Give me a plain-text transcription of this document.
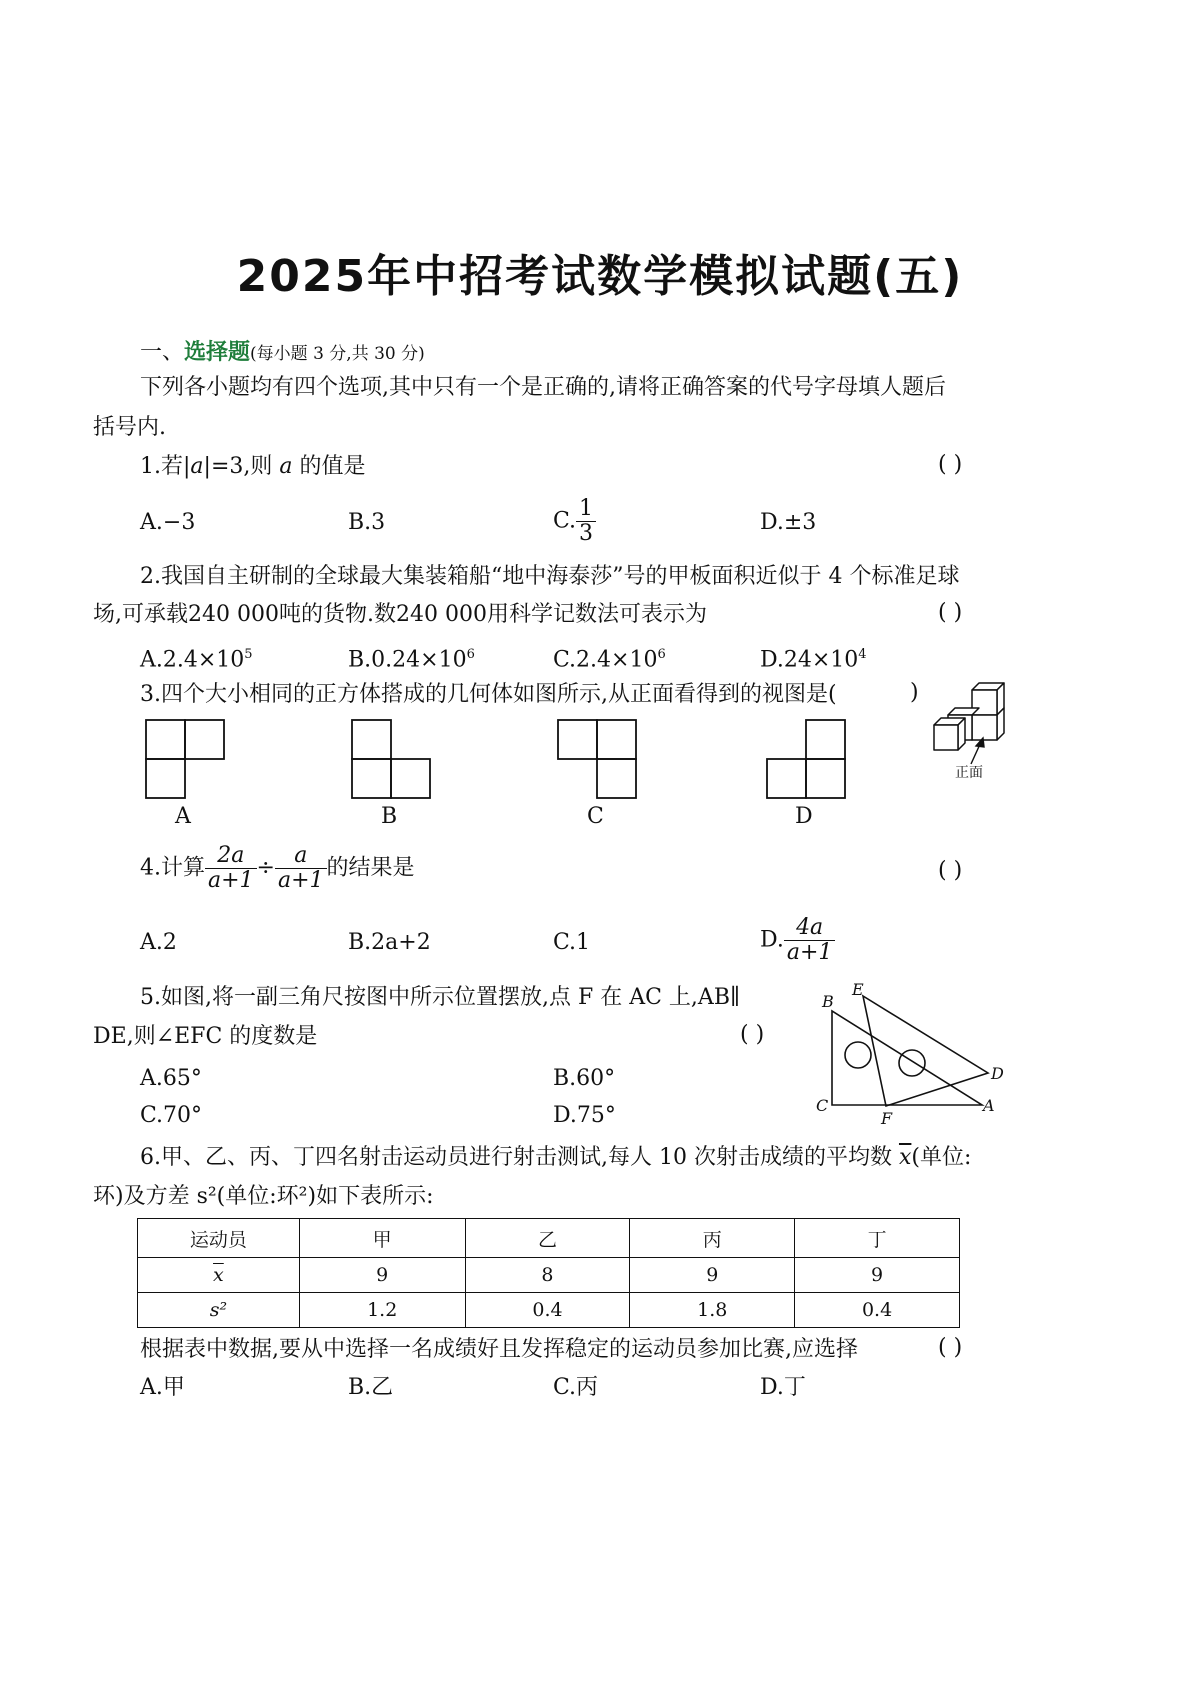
2025年中招考试数学模拟试题(五)
一、选择题(每小题 3 分,共 30 分)
下列各小题均有四个选项,其中只有一个是正确的,请将正确答案的代号字母填人题后
括号内.
1.若|a|=3,则 a 的值是	( )
A.−3	B.3	C. $\frac{1}{3}$	D.±3
2.我国自主研制的全球最大集装箱船“地中海泰莎”号的甲板面积近似于 4 个标准足球
场,可承载240 000吨的货物.数240 000用科学记数法可表示为	( )
$A.2.4\times 10^5$	$B.0.24\times 10^6$	$C.2.4\times 10^6$	$D.24\times 10^4$
3.四个大小相同的正方体搭成的几何体如图所示,从正面看得到的视图是(	)
正面
A	B	C	D
4.计算 $\frac{2a}{a+1} \div \frac{a}{a+1}$ 的结果是	( )
A.2	B.2a+2	C.1	D. $\frac{4a}{a+1}$
5.如图,将一副三角尺按图中所示位置摆放,点 F 在 AC 上,AB∥
DE,则∠EFC 的度数是	( )
A.65°	B.60°
C.70°	D.75°
B
E
D
C
F
A
6.甲、乙、丙、丁四名射击运动员进行射击测试,每人 10 次射击成绩的平均数 $\overline{x}$(单位:
环)及方差 s²(单位:环²)如下表所示:
运动员	甲	乙	丙	丁
$\overline{x}$	9	8	9	9
s²	1.2	0.4	1.8	0.4
根据表中数据,要从中选择一名成绩好且发挥稳定的运动员参加比赛,应选择	( )
A.甲	B.乙	C.丙	D.丁
